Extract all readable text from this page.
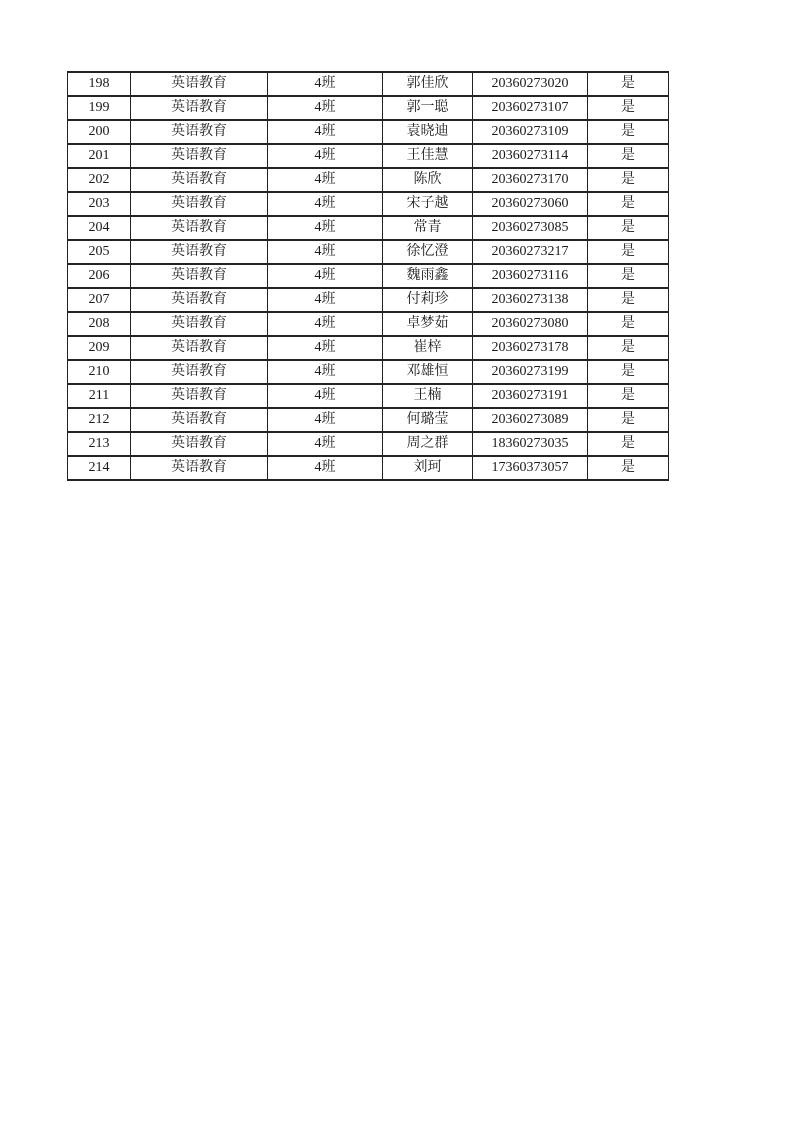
198	英语教育	4班	郭佳欣	20360273020	是
199	英语教育	4班	郭一聪	20360273107	是
200	英语教育	4班	袁晓迪	20360273109	是
201	英语教育	4班	王佳慧	20360273114	是
202	英语教育	4班	陈欣	20360273170	是
203	英语教育	4班	宋子越	20360273060	是
204	英语教育	4班	常青	20360273085	是
205	英语教育	4班	徐忆澄	20360273217	是
206	英语教育	4班	魏雨鑫	20360273116	是
207	英语教育	4班	付莉珍	20360273138	是
208	英语教育	4班	卓梦茹	20360273080	是
209	英语教育	4班	崔梓	20360273178	是
210	英语教育	4班	邓雄恒	20360273199	是
211	英语教育	4班	王楠	20360273191	是
212	英语教育	4班	何璐莹	20360273089	是
213	英语教育	4班	周之群	18360273035	是
214	英语教育	4班	刘珂	17360373057	是
